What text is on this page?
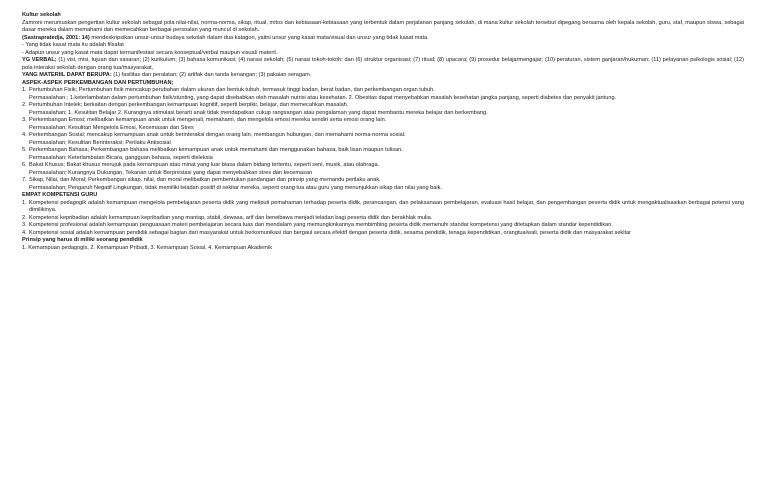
Kultur sekolah

Zamroni merumuskan pengertian kultur sekolah sebagai pola nilai-nilai, norma-norma, sikap, ritual, mitos dan kebiasaan-kebiasaan yang terbentuk dalam perjalanan panjang sekolah, di mana kultur sekolah tersebut dipegang bersama oleh kepala sekolah, guru, staf, maupun siswa, sebagai dasar mereka dalam memahami dan memecahkan berbagai persoalan yang muncul di sekolah.

(Sastrapratedja, 2001: 14) mendeskripsikan unsur-unsur budaya sekolah dalam dua katagori, yaitni unsur yang kasat mata/visual dan unsur yang tidak kasat mata.

- Yang tidak kasat mata itu adalah filsafat

- Adapun unsur yang kasat mata dapat termanifestasi secara konseptual/verbal maupun visual/ materil.

YG VERBAL; (1) visi, misi, tujuan dan sasaran; (2) kurikulum; (3) bahasa komunikasi; (4) narasi sekolah; (5) narasi tokoh-tokoh; dan (6) struktur organisasi; (7) ritual; (8) upacara; (9) prosedur belajarmengajar; (10) peraturan, sistem ganjaran/hukuman; (11) pelayanan psikologis sosial; (12) pola interaksi sekolah dengan orang tua/masyarakat,

YANG MATERIIL DAPAT BERUPA: (1) fasilitas dan peralatan; (2) artifak dan tanda kenangan; (3) pakaian seragam.

ASPEK-ASPEK PERKEMBANGAN DAN PERTUMBUHAN;

1. Pertumbuhan Fisik; Pertumbuhan fisik mencakup perubahan dalam ukuran dan bentuk tubuh, termasuk tinggi badan, berat badan, dan perkembangan organ tubuh.
Permasalahan ; 1.keterlambatan dalam pertumbuhan fisik/stunting, yang dapat disebabkan oleh masalah nutrisi atau kesehatan. 2. Obesitas dapat menyebabkan masalah kesehatan jangka panjang, seperti diabetes dan penyakit jantung.
2. Pertumbuhan Intelek; berkaitan dengan perkembangan kemampuan kognitif, seperti berpikir, belajar, dan memecahkan masalah.
Permasalahan; 1. Kesulitan Belajar 2. Kurangnya stimulasi berarti anak tidak mendapatkan cukup rangsangan atau pengalaman yang dapat membantu mereka belajar dan berkembang.
3. Perkembangan Emosi; melibatkan kemampuan anak untuk mengenali, memahami, dan mengelola emosi mereka sendiri serta emosi orang lain.
Permasalahan; Kesulitan Mengelola Emosi, Kecemasan dan Stres
4. Perkembangan Sosial; mencakup kemampuan anak untuk berinteraksi dengan orang lain, membangun hubungan, dan memahami norma-norma sosial.
Permasalahan; Kesulitan Berinteraksi; Perilaku Antisosial
5. Perkembangan Bahasa; Perkembangan bahasa melibatkan kemampuan anak untuk memahami dan menggunakan bahasa, baik lisan maupun tulisan.
Permasalahan; Keterlambatan Bicara, gangguan bahasa, seperti disleksia
6. Bakat Khusus; Bakat khusus merujuk pada kemampuan atau minat yang luar biasa dalam bidang tertentu, seperti seni, musik, atau olahraga.
Permasalahan; Kurangnya Dukungan, Tekanan untuk Berprestasi yang dapat menyebabkan stres dan kecemasan
7. Sikap, Nilai, dan Moral; Perkembangan sikap, nilai, dan moral melibatkan pembentukan pandangan dan prinsip yang memandu perilaku anak.
Permasalahan; Pengaruh Negatif Lingkungan, tidak memiliki teladan positif di sekitar mereka, seperti orang tua atau guru yang menunjukkan sikap dan nilai yang baik.

EMPAT KOMPETENSI GURU

1. Kompetensi pedagogik adalah kemampuan mengelola pembelajaran peserta didik yang meliputi pemahaman terhadap peserta didik, perancangan, dan pelaksanaan pembelajaran, evaluasi hasil belajar, dan pengembangan peserta didik untuk mengaktualisasikan berbagai potensi yang dimilikinya.
2. Kompetensi kepribadian adalah kemampuan kepribadian yang mantap, stabil, dewasa, arif dan berwibawa menjadi teladan bagi peserta didik dan berakhlak mulia.
3. Kompetensi profesional adalah kemampuan penguasaan materi pembelajaran secara luas dan mendalam yang memungkinkannya membimbing peserta didik memenuhi standar kompetensi yang ditetapkan dalam standar kependidikan.
4. Kompetensi sosial adalah kemampuan pendidik sebagai bagian dari masyarakat untuk berkomunikasi dan bergaul secara efektif dengan peserta didik, sesama pendidik, tenaga kependidikan, orangtua/wali, peserta didik dan masyarakat sekitar

Prinsip yang harus di miliki seorang pendidik

1. Kemampuan pedagogis, 2. Kemampuan Pribadi, 3. Kemampuan Sosial, 4. Kemampuan Akademik
